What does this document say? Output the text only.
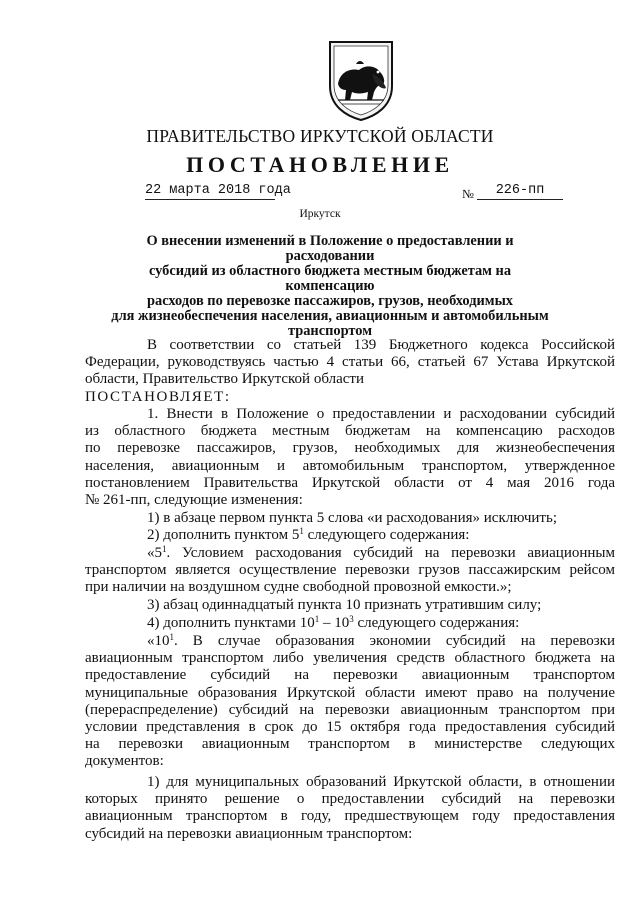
ПРАВИТЕЛЬСТВО ИРКУТСКОЙ ОБЛАСТИ
ПОСТАНОВЛЕНИЕ
22 марта 2018 года	№	226-пп
Иркутск
О внесении изменений в Положение о предоставлении и расходовании
субсидий из областного бюджета местным бюджетам на компенсацию
расходов по перевозке пассажиров, грузов, необходимых
для жизнеобеспечения населения, авиационным и автомобильным
транспортом
В соответствии со статьей 139 Бюджетного кодекса Российской
Федерации, руководствуясь частью 4 статьи 66, статьей 67 Устава Иркутской
области, Правительство Иркутской области
ПОСТАНОВЛЯЕТ:
1. Внести в Положение о предоставлении и расходовании субсидий
из областного бюджета местным бюджетам на компенсацию расходов
по перевозке пассажиров, грузов, необходимых для жизнеобеспечения
населения, авиационным и автомобильным транспортом, утвержденное
постановлением Правительства Иркутской области от 4 мая 2016 года
№ 261-пп, следующие изменения:
1) в абзаце первом пункта 5 слова «и расходования» исключить;
2) дополнить пунктом $5^1$ следующего содержания:
«$5^1$. Условием расходования субсидий на перевозки авиационным
транспортом является осуществление перевозки грузов пассажирским рейсом
при наличии на воздушном судне свободной провозной емкости.»;
3) абзац одиннадцатый пункта 10 признать утратившим силу;
4) дополнить пунктами $10^1 - 10^3$ следующего содержания:
«$10^1$. В случае образования экономии субсидий на перевозки
авиационным транспортом либо увеличения средств областного бюджета на
предоставление субсидий на перевозки авиационным транспортом
муниципальные образования Иркутской области имеют право на получение
(перераспределение) субсидий на перевозки авиационным транспортом при
условии представления в срок до 15 октября года предоставления субсидий
на перевозки авиационным транспортом в министерстве следующих
документов:
1) для муниципальных образований Иркутской области, в отношении
которых принято решение о предоставлении субсидий на перевозки
авиационным транспортом в году, предшествующем году предоставления
субсидий на перевозки авиационным транспортом:
